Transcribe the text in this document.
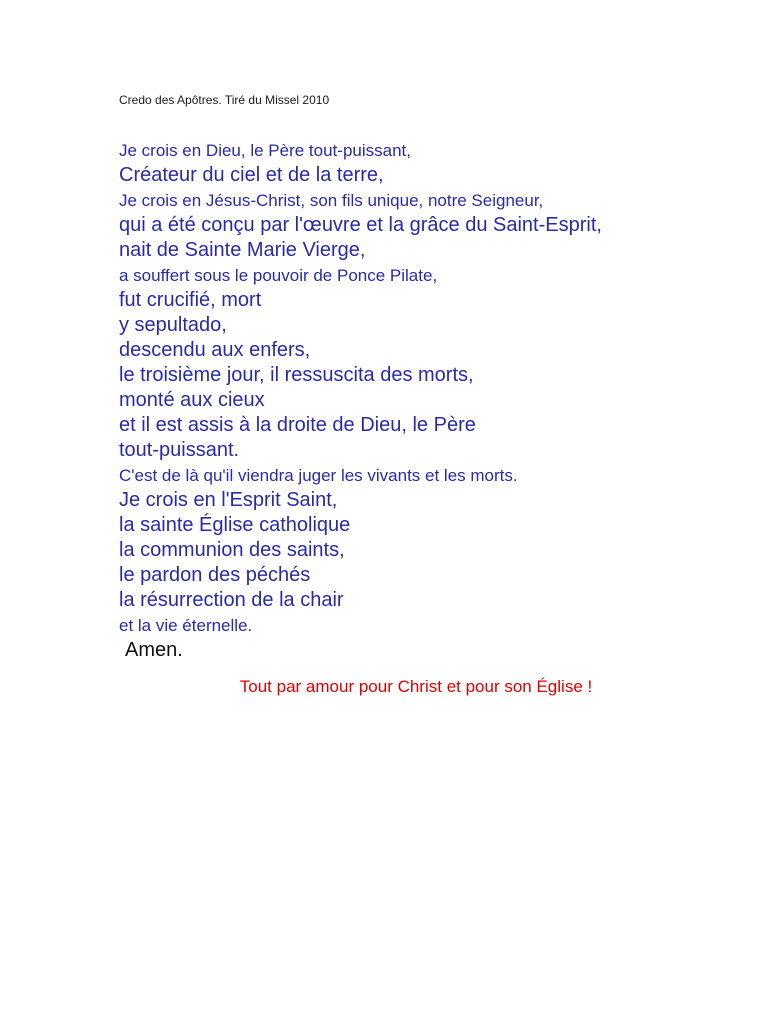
Credo des Apôtres. Tiré du Missel 2010
Je crois en Dieu, le Père tout-puissant,
Créateur du ciel et de la terre,
Je crois en Jésus-Christ, son fils unique, notre Seigneur,
qui a été conçu par l'œuvre et la grâce du Saint-Esprit,
nait de Sainte Marie Vierge,
a souffert sous le pouvoir de Ponce Pilate,
fut crucifié, mort
y sepultado,
descendu aux enfers,
le troisième jour, il ressuscita des morts,
monté aux cieux
et il est assis à la droite de Dieu, le Père
tout-puissant.
C'est de là qu'il viendra juger les vivants et les morts.
Je crois en l'Esprit Saint,
la sainte Église catholique
la communion des saints,
le pardon des péchés
la résurrection de la chair
et la vie éternelle.
Amen.
Tout par amour pour Christ et pour son Église !
